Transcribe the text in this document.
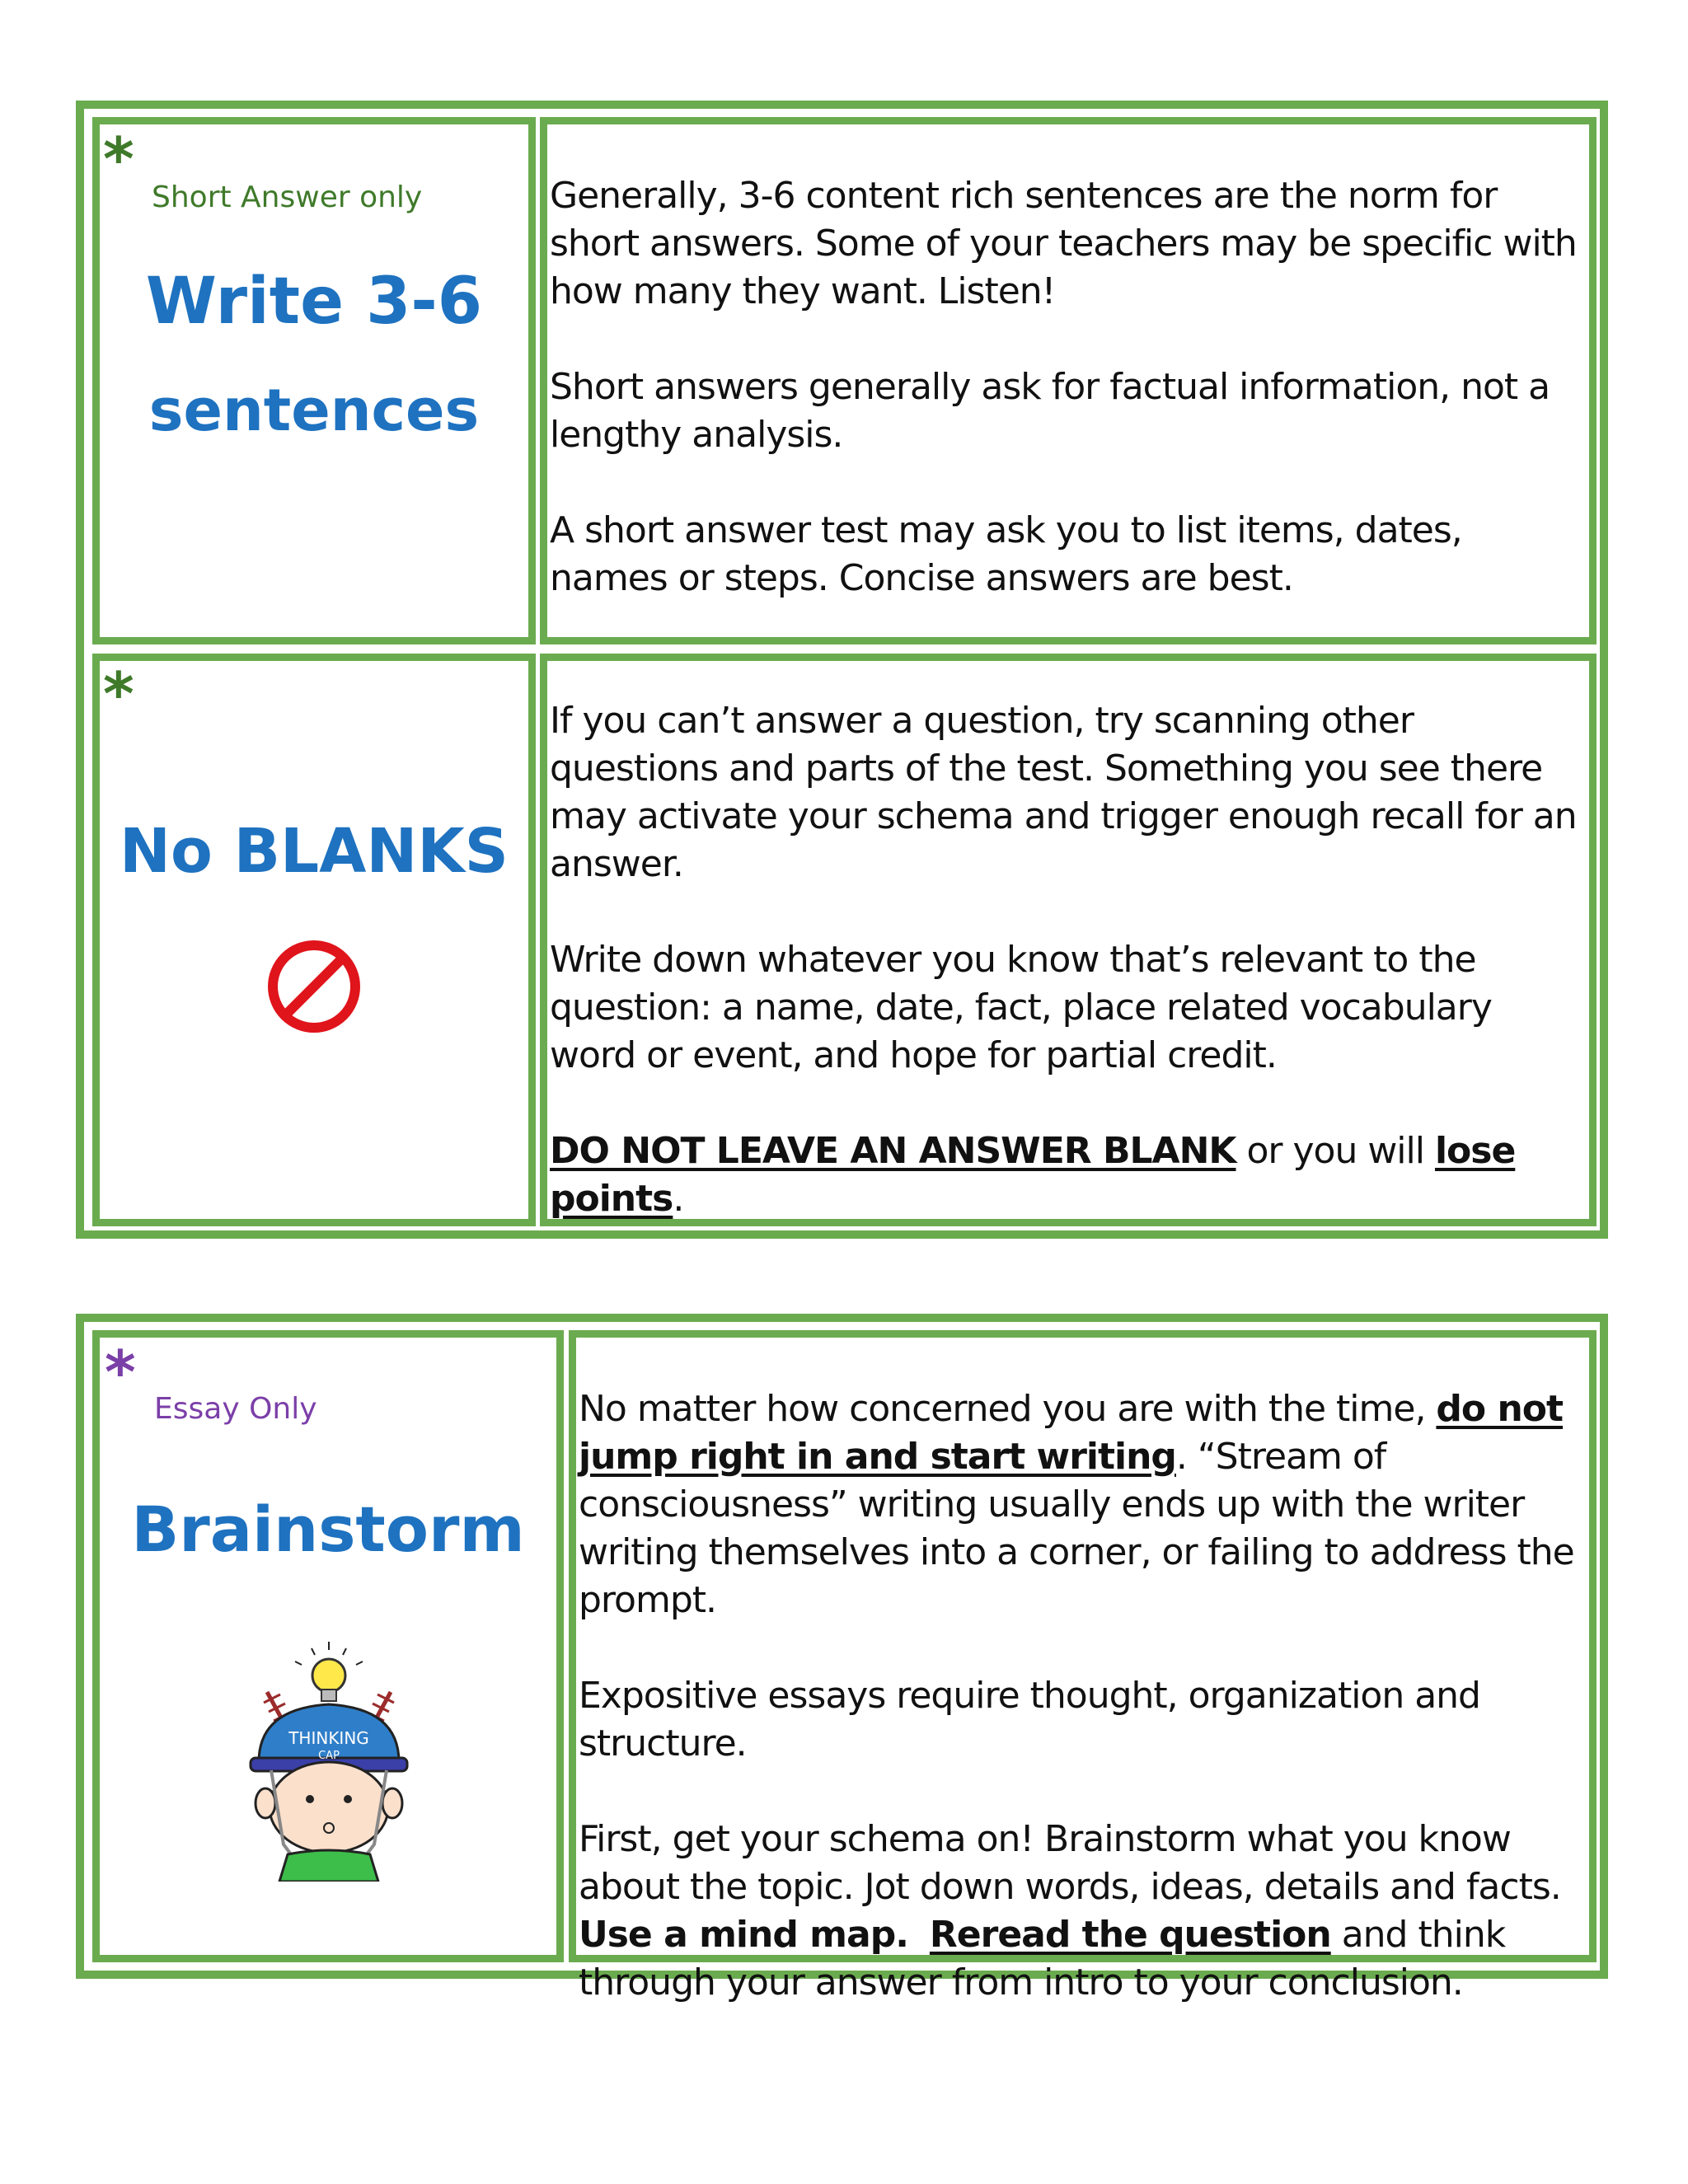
*
Short Answer only
Write 3-6
sentences

Generally, 3-6 content rich sentences are the norm for short answers. Some of your teachers may be specific with how many they want. Listen!

Short answers generally ask for factual information, not a lengthy analysis.

A short answer test may ask you to list items, dates, names or steps. Concise answers are best.

*
No BLANKS

If you can’t answer a question, try scanning other questions and parts of the test. Something you see there may activate your schema and trigger enough recall for an answer.

Write down whatever you know that’s relevant to the question: a name, date, fact, place related vocabulary word or event, and hope for partial credit.

DO NOT LEAVE AN ANSWER BLANK or you will lose points.

*
Essay Only
Brainstorm
THINKING
CAP

No matter how concerned you are with the time, do not jump right in and start writing. “Stream of consciousness” writing usually ends up with the writer writing themselves into a corner, or failing to address the prompt.

Expositive essays require thought, organization and structure.

First, get your schema on! Brainstorm what you know about the topic. Jot down words, ideas, details and facts. Use a mind map. Reread the question and think through your answer from intro to your conclusion.
